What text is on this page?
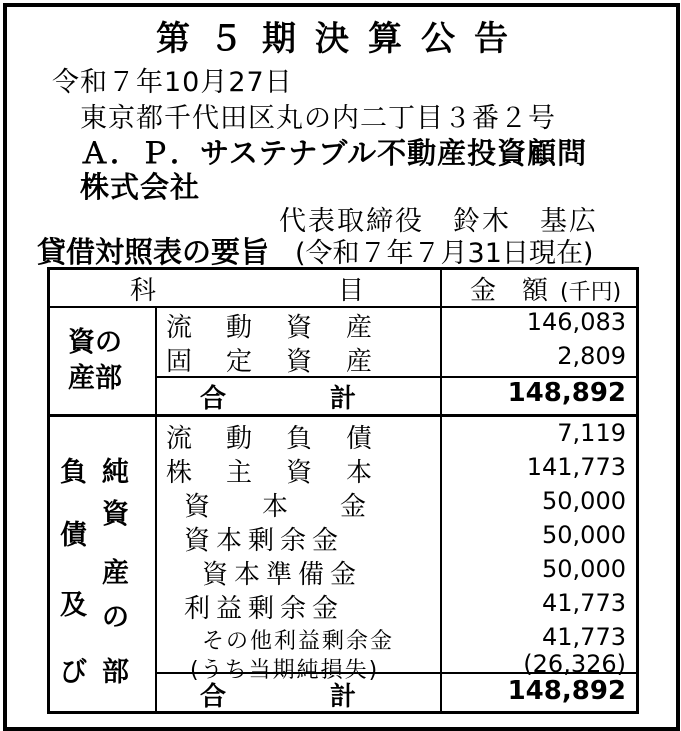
第５期決算公告
令和７年10月27日
東京都千代田区丸の内二丁目３番２号
Ａ．Ｐ．サステナブル不動産投資顧問
株式会社
代表取締役　鈴木　基広
貸借対照表の要旨 (令和７年７月31日現在)
科　　　　　　　目	金　額 (千円)
資の
産部
流　動　資　産	146,083
固　定　資　産	2,809
合　　　　計	148,892
負
債
及
び
純
資
産
の
部
流　動　負　債	7,119
株　主　資　本	141,773
資　　本　　金	50,000
資本剰余金	50,000
資本準備金	50,000
利益剰余金	41,773
その他利益剰余金	41,773
(うち当期純損失)	(26,326)
合　　　　計	148,892
